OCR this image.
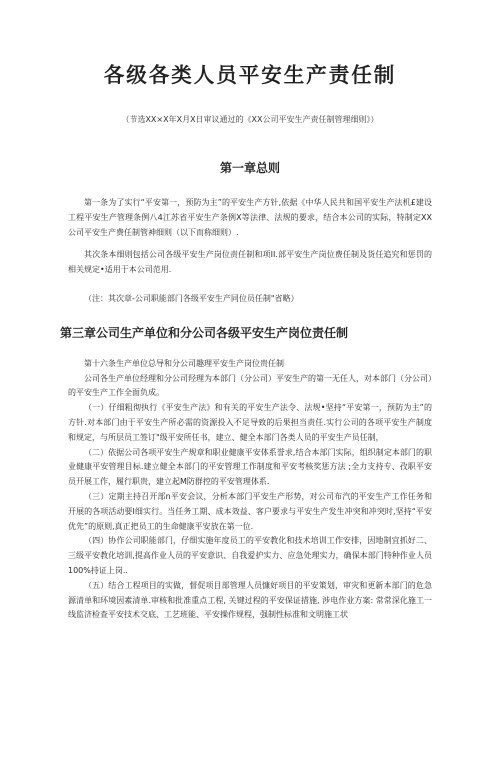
各级各类人员平安生产责任制
（节选XX×X年X月X日审议通过的《XX公司平安生产责任制管理细则》）
第一章总则

第一条为了实行“平安第一，预防为主”的平安生产方针,依据《中华人民共和国平安生产法机£建设工程平安生产管理条例八4江苏省平安生产条例X等法律、法规的要求，结合本公司的实际，特制定XX公司平安生产费任制管神细则（以下而称细则）.

其次条本细则包括公司各级平安生产岗位责任制和项II.部平安生产岗位费任制及货任追究和惩罚的相关规定•适用于本公司范用.

（注：其次章-公司职能部门各级平安生产同位员任制"省略）

第三章公司生产单位和分公司各级平安生产岗位责任制

第十六条生产单位总导和分公司趣理平安生产岗位贵任制

公司各生产单位经理和分公司羟理为本部门（分公司）平安生产的第一无任人，对本部门（分公司）的平安生产工作全面负成。

（一）仔细粗彻执行《平安生产法》和有关的平安生产法令、法规•坚持“平安第一，预防为主”的方针.对本部门由于平安生产所必需的资源投入不足导致的后果担当责任.实行公司的各项平安生产制度和规定，与所层员工签订"级平安所任书，建立、健全本部门各类人员的平安生产员任制，

（二）依据公司各项平安生产规章和职业健康平安体系誉求,结合本部门实际，组织制定本部门的职业健康平安管理目标.建立健全本部门的平安管理工作制度和平安考核奖惩方法 ;全力支持专、孜职平安员开展工作，履行职贵，建立起M防群控的平安管理体系.

（三）定期主持召开部n平安会议，分析本部门平安生产形势，对公司布汽的平安生产工作任务和开展的各项活动要I细实行。当任务工期、成本效益、客户要求与平安生产发生冲突和冲突时,坚持“平安优先”的原则,真正把员工的生命健康平安放在第一位.

（四）协作公司职能部门，仔细实施年度员工的平安教化和技术培训工作安排，因地制宜抓好二、三级平安教化培训,提高作业人员的平安意识、自我爱护实力、应急处理实力，确保本部门特种作业人员100%持证上岗..

（五）结合工程项目的实做，督促项目部管理人员慷好项目的平安策划，审灾和更新本部门的危急源清单和环境因素清单.审核和批准重点工程, 关键过程的平安保证措施, 涉电作业方案: 常常深化施工一线监济检查平安技术交底、工艺班能、平安操作规程，强制性标准和文明施工状
